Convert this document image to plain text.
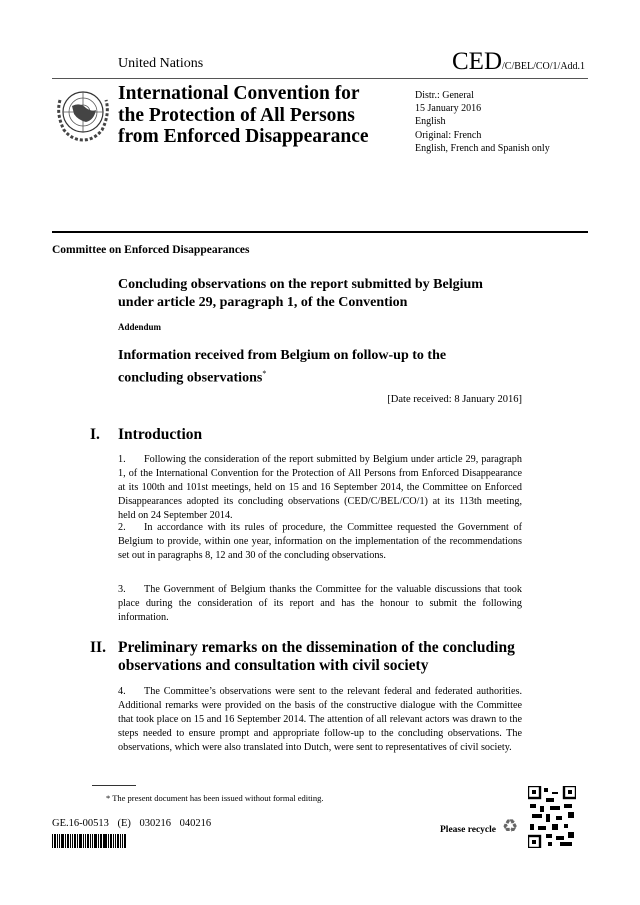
United Nations	CED/C/BEL/CO/1/Add.1
International Convention for
the Protection of All Persons
from Enforced Disappearance
Distr.: General
15 January 2016
English
Original: French
English, French and Spanish only
Committee on Enforced Disappearances
Concluding observations on the report submitted by Belgium
under article 29, paragraph 1, of the Convention
Addendum
Information received from Belgium on follow-up to the
concluding observations*
[Date received: 8 January 2016]
I. Introduction
1. Following the consideration of the report submitted by Belgium under article 29, paragraph 1, of the International Convention for the Protection of All Persons from Enforced Disappearance at its 100th and 101st meetings, held on 15 and 16 September 2014, the Committee on Enforced Disappearances adopted its concluding observations (CED/C/BEL/CO/1) at its 113th meeting, held on 24 September 2014.
2. In accordance with its rules of procedure, the Committee requested the Government of Belgium to provide, within one year, information on the implementation of the recommendations set out in paragraphs 8, 12 and 30 of the concluding observations.
3. The Government of Belgium thanks the Committee for the valuable discussions that took place during the consideration of its report and has the honour to submit the following information.
II. Preliminary remarks on the dissemination of the concluding observations and consultation with civil society
4. The Committee’s observations were sent to the relevant federal and federated authorities. Additional remarks were provided on the basis of the constructive dialogue with the Committee that took place on 15 and 16 September 2014. The attention of all relevant actors was drawn to the steps needed to ensure prompt and appropriate follow-up to the concluding observations. The observations, which were also translated into Dutch, were sent to representatives of civil society.
* The present document has been issued without formal editing.
GE.16-00513 (E) 030216 040216
Please recycle ♻
